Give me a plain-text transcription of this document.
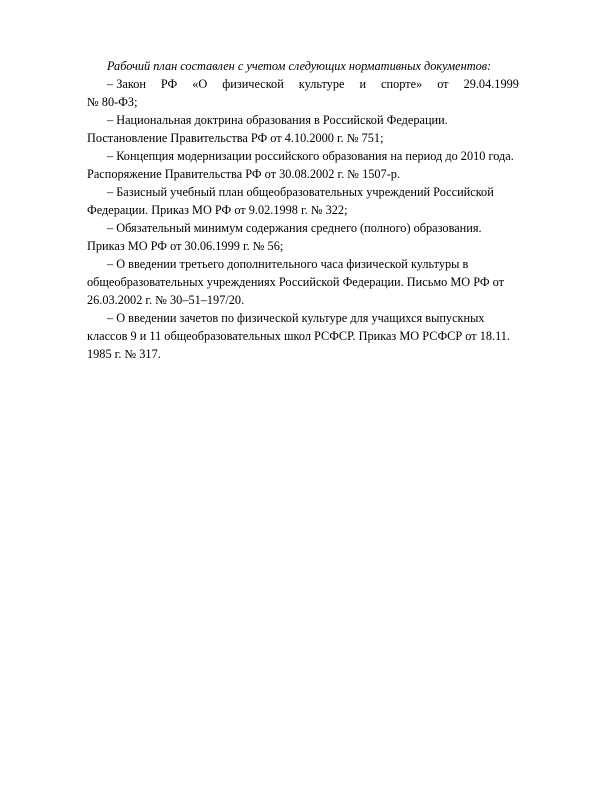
Рабочий план составлен с учетом следующих нормативных документов:

– Закон РФ «О физической культуре и спорте» от 29.04.1999
№ 80-ФЗ;
– Национальная доктрина образования в Российской Федерации.
Постановление Правительства РФ от 4.10.2000 г. № 751;
– Концепция модернизации российского образования на период до 2010 года.
Распоряжение Правительства РФ от 30.08.2002 г. № 1507-р.
– Базисный учебный план общеобразовательных учреждений Российской
Федерации. Приказ МО РФ от 9.02.1998 г. № 322;
– Обязательный минимум содержания среднего (полного) образования.
Приказ МО РФ от 30.06.1999 г. № 56;
– О введении третьего дополнительного часа физической культуры в
общеобразовательных учреждениях Российской Федерации. Письмо МО РФ от
26.03.2002 г. № 30–51–197/20.
– О введении зачетов по физической культуре для учащихся выпускных
классов 9 и 11 общеобразовательных школ РСФСР. Приказ МО РСФСР от 18.11.
1985 г. № 317.
